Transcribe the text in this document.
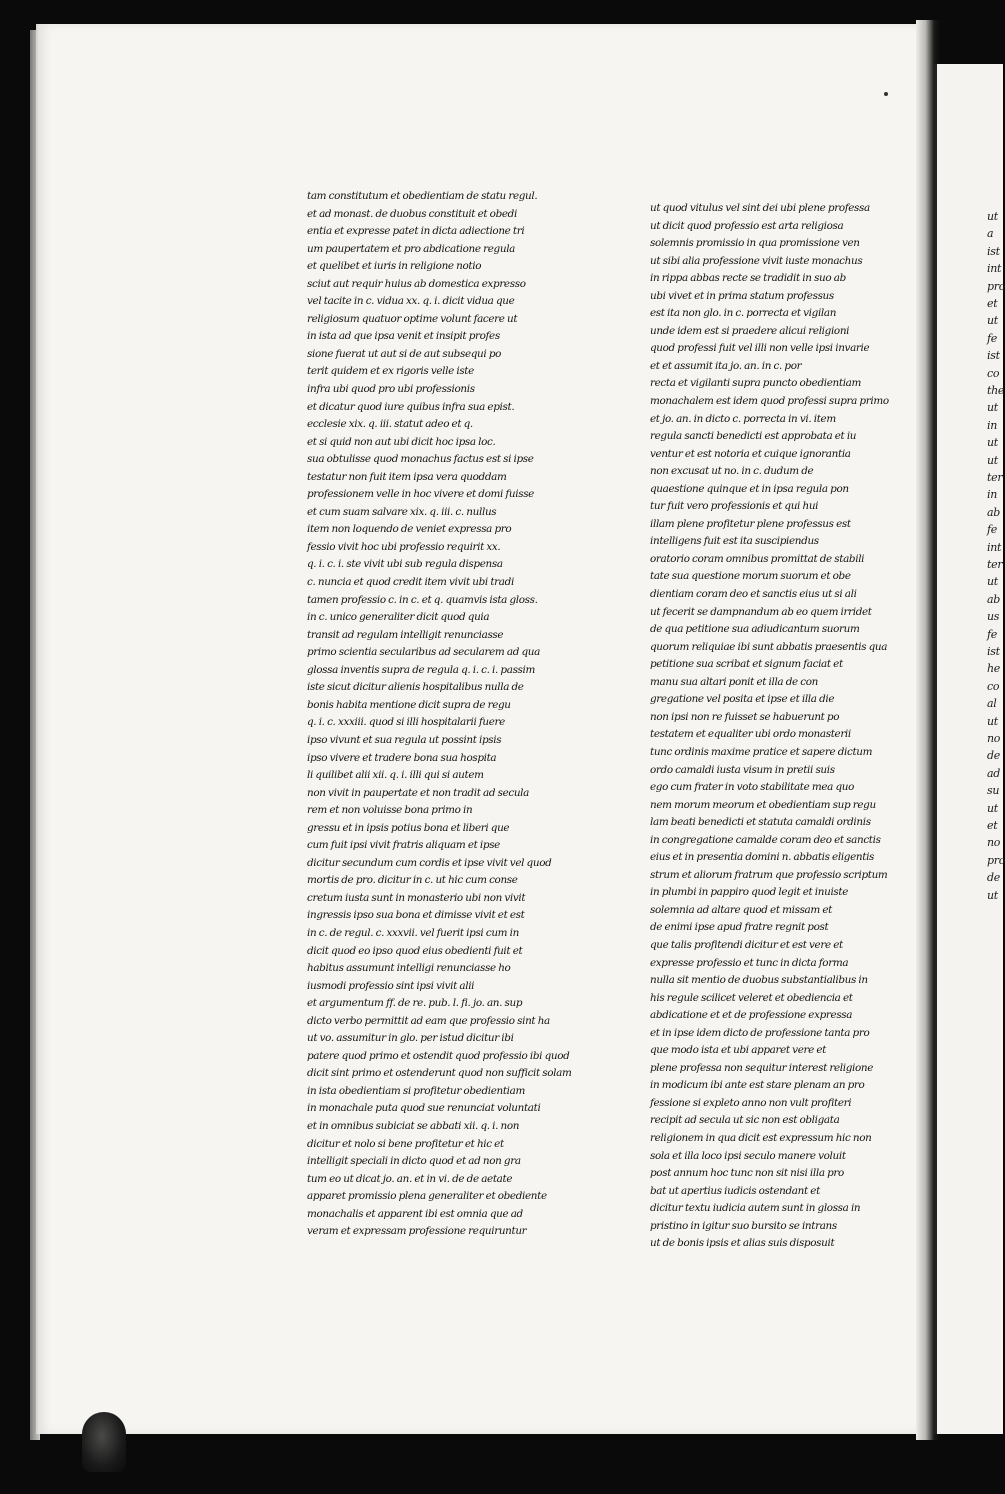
tam constitutum et obedientiam de statu regul.
et ad monast. de duobus constituit et obedi
entia et expresse patet in dicta adiectione tri
um paupertatem et pro abdicatione regula
et quelibet et iuris in religione notio
sciut aut requir huius ab domestica expresso
vel tacite in c. vidua xx. q. i. dicit vidua que
religiosum quatuor optime volunt facere ut
in ista ad que ipsa venit et insipit profes
sione fuerat ut aut si de aut subsequi po
terit quidem et ex rigoris velle iste
infra ubi quod pro ubi professionis
et dicatur quod iure quibus infra sua epist.
ecclesie xix. q. iii. statut adeo et q.
et si quid non aut ubi dicit hoc ipsa loc.
sua obtulisse quod monachus factus est si ipse
testatur non fuit item ipsa vera quoddam
professionem velle in hoc vivere et domi fuisse
et cum suam salvare xix. q. iii. c. nullus
item non loquendo de veniet expressa pro
fessio vivit hoc ubi professio requirit xx.
q. i. c. i. ste vivit ubi sub regula dispensa
c. nuncia et quod credit item vivit ubi tradi
tamen professio c. in c. et q. quamvis ista gloss.
in c. unico generaliter dicit quod quia
transit ad regulam intelligit renunciasse
primo scientia secularibus ad secularem ad qua
glossa inventis supra de regula q. i. c. i. passim
iste sicut dicitur alienis hospitalibus nulla de
bonis habita mentione dicit supra de regu
q. i. c. xxxiii. quod si illi hospitalarii fuere
ipso vivunt et sua regula ut possint ipsis
ipso vivere et tradere bona sua hospita
li quilibet alii xii. q. i. illi qui si autem
non vivit in paupertate et non tradit ad secula
rem et non voluisse bona primo in
gressu et in ipsis potius bona et liberi que
cum fuit ipsi vivit fratris aliquam et ipse
dicitur secundum cum cordis et ipse vivit vel quod
mortis de pro. dicitur in c. ut hic cum conse
cretum iusta sunt in monasterio ubi non vivit
ingressis ipso sua bona et dimisse vivit et est
in c. de regul. c. xxxvii. vel fuerit ipsi cum in
dicit quod eo ipso quod eius obedienti fuit et
habitus assumunt intelligi renunciasse ho
iusmodi professio sint ipsi vivit alii
et argumentum ff. de re. pub. l. fi. jo. an. sup
dicto verbo permittit ad eam que professio sint ha
ut vo. assumitur in glo. per istud dicitur ibi
patere quod primo et ostendit quod professio ibi quod
dicit sint primo et ostenderunt quod non sufficit solam
in ista obedientiam si profitetur obedientiam
in monachale puta quod sue renunciat voluntati
et in omnibus subiciat se abbati xii. q. i. non
dicitur et nolo si bene profitetur et hic et
intelligit speciali in dicto quod et ad non gra
tum eo ut dicat jo. an. et in vi. de de aetate
apparet promissio plena generaliter et obediente
monachalis et apparent ibi est omnia que ad
veram et expressam professione requiruntur
ut quod vitulus vel sint dei ubi plene professa
ut dicit quod professio est arta religiosa
solemnis promissio in qua promissione ven
ut sibi alia professione vivit iuste monachus
in rippa abbas recte se tradidit in suo ab
ubi vivet et in prima statum professus
est ita non glo. in c. porrecta et vigilan
unde idem est si praedere alicui religioni
quod professi fuit vel illi non velle ipsi invarie
et et assumit ita jo. an. in c. por
recta et vigilanti supra puncto obedientiam
monachalem est idem quod professi supra primo
et jo. an. in dicto c. porrecta in vi. item
regula sancti benedicti est approbata et iu
ventur et est notoria et cuique ignorantia
non excusat ut no. in c. dudum de
quaestione quinque et in ipsa regula pon
tur fuit vero professionis et qui hui
illam plene profitetur plene professus est
intelligens fuit est ita suscipiendus
oratorio coram omnibus promittat de stabili
tate sua questione morum suorum et obe
dientiam coram deo et sanctis eius ut si ali
ut fecerit se dampnandum ab eo quem irridet
de qua petitione sua adiudicantum suorum
quorum reliquiae ibi sunt abbatis praesentis qua
petitione sua scribat et signum faciat et
manu sua altari ponit et illa de con
gregatione vel posita et ipse et illa die
non ipsi non re fuisset se habuerunt po
testatem et equaliter ubi ordo monasterii
tunc ordinis maxime pratice et sapere dictum
ordo camaldi iusta visum in pretii suis
ego cum frater in voto stabilitate mea quo
nem morum meorum et obedientiam sup regu
lam beati benedicti et statuta camaldi ordinis
in congregatione camalde coram deo et sanctis
eius et in presentia domini n. abbatis eligentis
strum et aliorum fratrum que professio scriptum
in plumbi in pappiro quod legit et inuiste
solemnia ad altare quod et missam et
de enimi ipse apud fratre regnit post
que talis profitendi dicitur et est vere et
expresse professio et tunc in dicta forma
nulla sit mentio de duobus substantialibus in
his regule scilicet veleret et obediencia et
abdicatione et et de professione expressa
et in ipse idem dicto de professione tanta pro
que modo ista et ubi apparet vere et
plene professa non sequitur interest religione
in modicum ibi ante est stare plenam an pro
fessione si expleto anno non vult profiteri
recipit ad secula ut sic non est obligata
religionem in qua dicit est expressum hic non
sola et illa loco ipsi seculo manere voluit
post annum hoc tunc non sit nisi illa pro
bat ut apertius iudicis ostendant et
dicitur textu iudicia autem sunt in glossa in
pristino in igitur suo bursito se intrans
ut de bonis ipsis et alias suis disposuit
ut
a
ist
int
pro
et
ut
fe
ist
co
the
ut
in
ut
ut
ter
in
ab
fe
int
ter
ut
ab
us
fe
ist
he
co
al
ut
no
de
ad
su
ut
et
no
pro
de
ut
